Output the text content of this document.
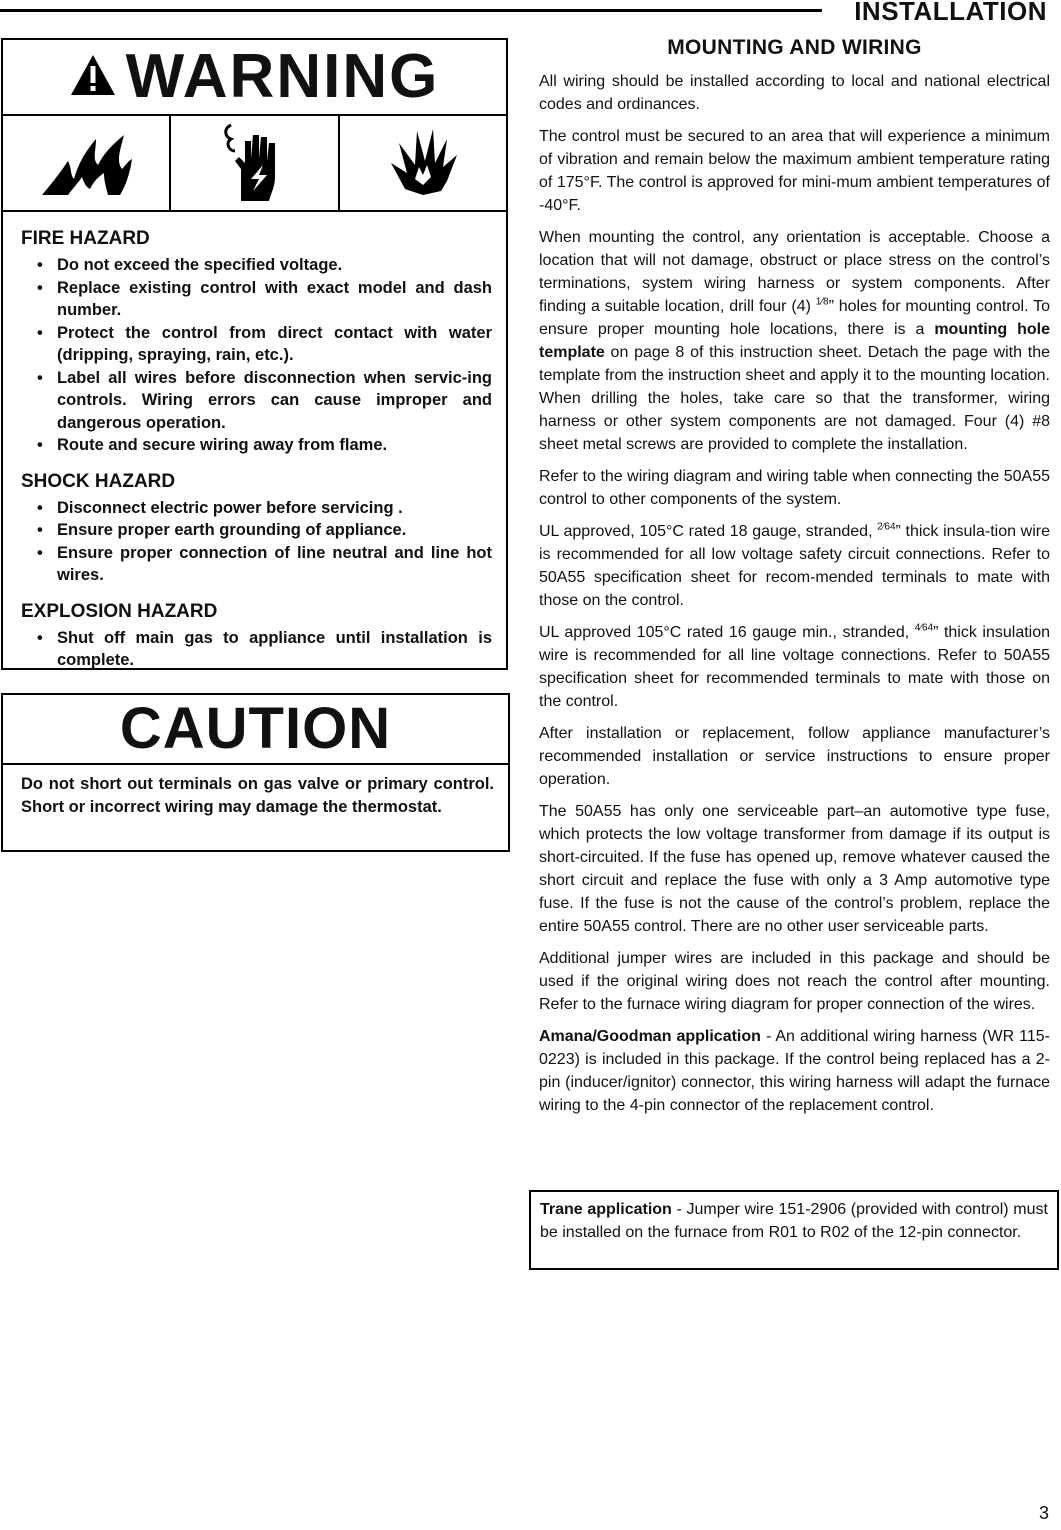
INSTALLATION
WARNING
FIRE HAZARD
• Do not exceed the specified voltage.
• Replace existing control with exact model and dash number.
• Protect the control from direct contact with water (dripping, spraying, rain, etc.).
• Label all wires before disconnection when servic-ing controls. Wiring errors can cause improper and dangerous operation.
• Route and secure wiring away from flame.
SHOCK HAZARD
• Disconnect electric power before servicing .
• Ensure proper earth grounding of appliance.
• Ensure proper connection of line neutral and line hot wires.
EXPLOSION HAZARD
• Shut off main gas to appliance until installation is complete.
CAUTION
Do not short out terminals on gas valve or primary control. Short or incorrect wiring may damage the thermostat.
MOUNTING AND WIRING

All wiring should be installed according to local and national electrical codes and ordinances.

The control must be secured to an area that will experience a minimum of vibration and remain below the maximum ambient temperature rating of 175°F. The control is approved for mini-mum ambient temperatures of -40°F.

When mounting the control, any orientation is acceptable. Choose a location that will not damage, obstruct or place stress on the control’s terminations, system wiring harness or system components. After finding a suitable location, drill four (4) $^{1⁄8}$” holes for mounting control. To ensure proper mounting hole locations, there is a mounting hole template on page 8 of this instruction sheet. Detach the page with the template from the instruction sheet and apply it to the mounting location. When drilling the holes, take care so that the transformer, wiring harness or other system components are not damaged. Four (4) #8 sheet metal screws are provided to complete the installation.

Refer to the wiring diagram and wiring table when connecting the 50A55 control to other components of the system.

UL approved, 105°C rated 18 gauge, stranded, $^{2⁄64}$” thick insula-tion wire is recommended for all low voltage safety circuit connections. Refer to 50A55 specification sheet for recom-mended terminals to mate with those on the control.

UL approved 105°C rated 16 gauge min., stranded, $^{4⁄64}$” thick insulation wire is recommended for all line voltage connections. Refer to 50A55 specification sheet for recommended terminals to mate with those on the control.

After installation or replacement, follow appliance manufacturer’s recommended installation or service instructions to ensure proper operation.

The 50A55 has only one serviceable part–an automotive type fuse, which protects the low voltage transformer from damage if its output is short-circuited. If the fuse has opened up, remove whatever caused the short circuit and replace the fuse with only a 3 Amp automotive type fuse. If the fuse is not the cause of the control’s problem, replace the entire 50A55 control. There are no other user serviceable parts.

Additional jumper wires are included in this package and should be used if the original wiring does not reach the control after mounting. Refer to the furnace wiring diagram for proper connection of the wires.

Amana/Goodman application - An additional wiring harness (WR 115-0223) is included in this package. If the control being replaced has a 2-pin (inducer/ignitor) connector, this wiring harness will adapt the furnace wiring to the 4-pin connector of the replacement control.

Trane application - Jumper wire 151-2906 (provided with control) must be installed on the furnace from R01 to R02 of the 12-pin connector.
3
